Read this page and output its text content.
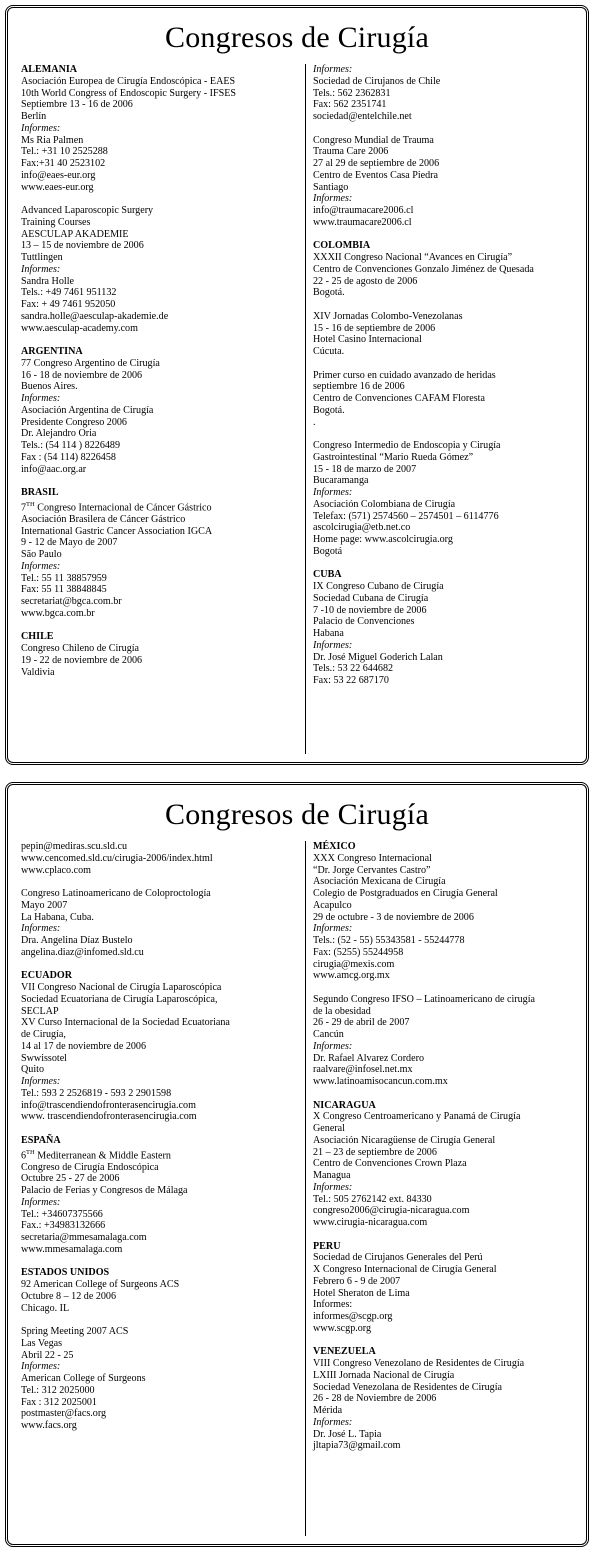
Congresos de Cirugía
ALEMANIA
Asociación Europea de Cirugía Endoscópica - EAES
10th World Congress of Endoscopic Surgery - IFSES
Septiembre 13 - 16 de 2006
Berlín
Informes:
Ms Ria Palmen
Tel.: +31 10 2525288
Fax:+31 40 2523102
info@eaes-eur.org
www.eaes-eur.org
Advanced Laparoscopic Surgery
Training Courses
AESCULAP AKADEMIE
13 – 15 de noviembre de 2006
Tuttlingen
Informes:
Sandra Holle
Tels.: +49 7461 951132
Fax: + 49 7461 952050
sandra.holle@aesculap-akademie.de
www.aesculap-academy.com
ARGENTINA
77 Congreso Argentino de Cirugía
16 - 18 de noviembre de 2006
Buenos Aires.
Informes:
Asociación Argentina de Cirugía
Presidente Congreso 2006
Dr. Alejandro Oria
Tels.: (54 114 ) 8226489
Fax : (54 114) 8226458
info@aac.org.ar
BRASIL
7TH Congreso Internacional de Cáncer Gástrico
Asociación Brasilera de Cáncer Gástrico
International Gastric Cancer Association IGCA
9 - 12 de Mayo de 2007
São Paulo
Informes:
Tel.: 55 11 38857959
Fax: 55 11 38848845
secretariat@bgca.com.br
www.bgca.com.br
CHILE
Congreso Chileno de Cirugía
19 - 22 de noviembre de 2006
Valdivia
Informes:
Sociedad de Cirujanos de Chile
Tels.: 562 2362831
Fax: 562 2351741
sociedad@entelchile.net
Congreso Mundial de Trauma
Trauma Care 2006
27 al 29 de septiembre de 2006
Centro de Eventos Casa Piedra
Santiago
Informes:
info@traumacare2006.cl
www.traumacare2006.cl
COLOMBIA
XXXII Congreso Nacional “Avances en Cirugía”
Centro de Convenciones Gonzalo Jiménez de Quesada
22 - 25 de agosto de 2006
Bogotá.
XIV Jornadas Colombo-Venezolanas
15 - 16 de septiembre de 2006
Hotel Casino Internacional
Cúcuta.
Primer curso en cuidado avanzado de heridas
septiembre 16 de 2006
Centro de Convenciones CAFAM Floresta
Bogotá.
.
Congreso Intermedio de Endoscopia y Cirugía
Gastrointestinal “Mario Rueda Gómez”
15 - 18 de marzo de 2007
Bucaramanga
Informes:
Asociación Colombiana de Cirugía
Telefax: (571) 2574560 – 2574501 – 6114776
ascolcirugia@etb.net.co
Home page: www.ascolcirugia.org
Bogotá
CUBA
IX Congreso Cubano de Cirugía
Sociedad Cubana de Cirugía
7 -10 de noviembre de 2006
Palacio de Convenciones
Habana
Informes:
Dr. José Miguel Goderich Lalan
Tels.: 53 22 644682
Fax: 53 22 687170
Congresos de Cirugía
pepin@mediras.scu.sld.cu
www.cencomed.sld.cu/cirugia-2006/index.html
www.cplaco.com
Congreso Latinoamericano de Coloproctología
Mayo 2007
La Habana, Cuba.
Informes:
Dra. Angelina Díaz Bustelo
angelina.diaz@infomed.sld.cu
ECUADOR
VII Congreso Nacional de Cirugía Laparoscópica
Sociedad Ecuatoriana de Cirugía Laparoscópica,
SECLAP
XV Curso Internacional de la Sociedad Ecuatoriana
de Cirugía,
14 al 17 de noviembre de 2006
Swwissotel
Quito
Informes:
Tel.: 593 2 2526819 - 593 2 2901598
info@trascendiendofronterasencirugia.com
www. trascendiendofronterasencirugia.com
ESPAÑA
6TH Mediterranean & Middle Eastern
Congreso de Cirugía Endoscópica
Octubre 25 - 27 de 2006
Palacio de Ferias y Congresos de Málaga
Informes:
Tel.: +34607375566
Fax.: +34983132666
secretaria@mmesamalaga.com
www.mmesamalaga.com
ESTADOS UNIDOS
92 American College of Surgeons ACS
Octubre 8 – 12 de 2006
Chicago. IL
Spring Meeting 2007 ACS
Las Vegas
Abril 22 - 25
Informes:
American College of Surgeons
Tel.: 312 2025000
Fax : 312 2025001
postmaster@facs.org
www.facs.org
MÉXICO
XXX Congreso Internacional
“Dr. Jorge Cervantes Castro”
Asociación Mexicana de Cirugía
Colegio de Postgraduados en Cirugía General
Acapulco
29 de octubre - 3 de noviembre de 2006
Informes:
Tels.: (52 - 55) 55343581 - 55244778
Fax: (5255) 55244958
cirugia@mexis.com
www.amcg.org.mx
Segundo Congreso IFSO – Latinoamericano de cirugía
de la obesidad
26 - 29 de abril de 2007
Cancún
Informes:
Dr. Rafael Alvarez Cordero
raalvare@infosel.net.mx
www.latinoamisocancun.com.mx
NICARAGUA
X Congreso Centroamericano y Panamá de Cirugía
General
Asociación Nicaragüense de Cirugía General
21 – 23 de septiembre de 2006
Centro de Convenciones Crown Plaza
Managua
Informes:
Tel.: 505 2762142 ext. 84330
congreso2006@cirugia-nicaragua.com
www.cirugia-nicaragua.com
PERU
Sociedad de Cirujanos Generales del Perú
X Congreso Internacional de Cirugía General
Febrero 6 - 9 de 2007
Hotel Sheraton de Lima
Informes:
informes@scgp.org
www.scgp.org
VENEZUELA
VIII Congreso Venezolano de Residentes de Cirugía
LXIII Jornada Nacional de Cirugía
Sociedad Venezolana de Residentes de Cirugía
26 - 28 de Noviembre de 2006
Mérida
Informes:
Dr. José L. Tapia
jltapia73@gmail.com
